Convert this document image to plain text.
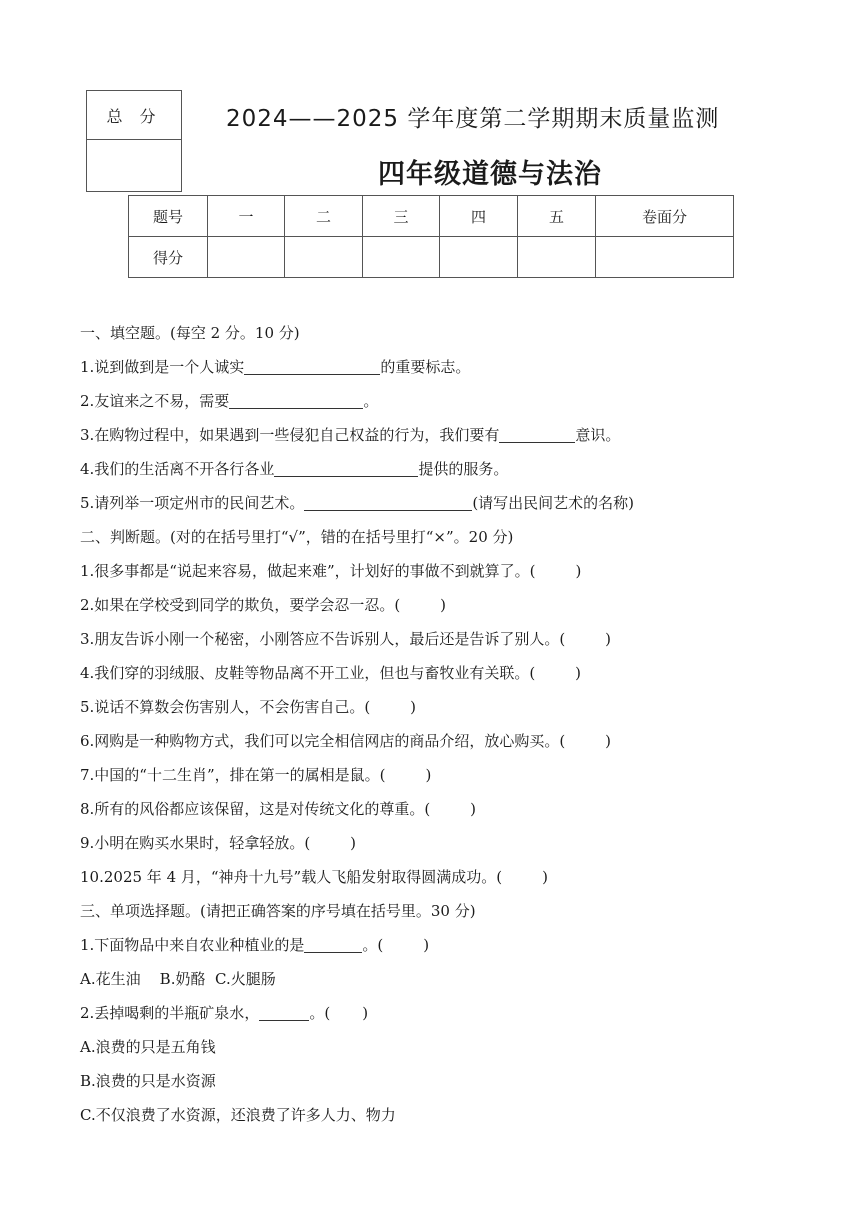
总 分	2024——2025 学年度第二学期期末质量监测
四年级道德与法治
题号	一	二	三	四	五	卷面分
得分						
一、填空题。(每空 2 分。10 分)
1.说到做到是一个人诚实	的重要标志。
2.友谊来之不易，需要	。
3.在购物过程中，如果遇到一些侵犯自己权益的行为，我们要有	意识。
4.我们的生活离不开各行各业	提供的服务。
5.请列举一项定州市的民间艺术。	(请写出民间艺术的名称)
二、判断题。(对的在括号里打“√”，错的在括号里打“×”。20 分)
1.很多事都是“说起来容易，做起来难”，计划好的事做不到就算了。(	)
2.如果在学校受到同学的欺负，要学会忍一忍。(	)
3.朋友告诉小刚一个秘密，小刚答应不告诉别人，最后还是告诉了别人。(	)
4.我们穿的羽绒服、皮鞋等物品离不开工业，但也与畜牧业有关联。(	)
5.说话不算数会伤害别人，不会伤害自己。(	)
6.网购是一种购物方式，我们可以完全相信网店的商品介绍，放心购买。(	)
7.中国的“十二生肖”，排在第一的属相是鼠。(	)
8.所有的风俗都应该保留，这是对传统文化的尊重。(	)
9.小明在购买水果时，轻拿轻放。(	)
10.2025 年 4 月，“神舟十九号”载人飞船发射取得圆满成功。(	)
三、单项选择题。(请把正确答案的序号填在括号里。30 分)
1.下面物品中来自农业种植业的是	。(	)
A.花生油    B.奶酪  C.火腿肠
2.丢掉喝剩的半瓶矿泉水，	。( )
A.浪费的只是五角钱
B.浪费的只是水资源
C.不仅浪费了水资源，还浪费了许多人力、物力
